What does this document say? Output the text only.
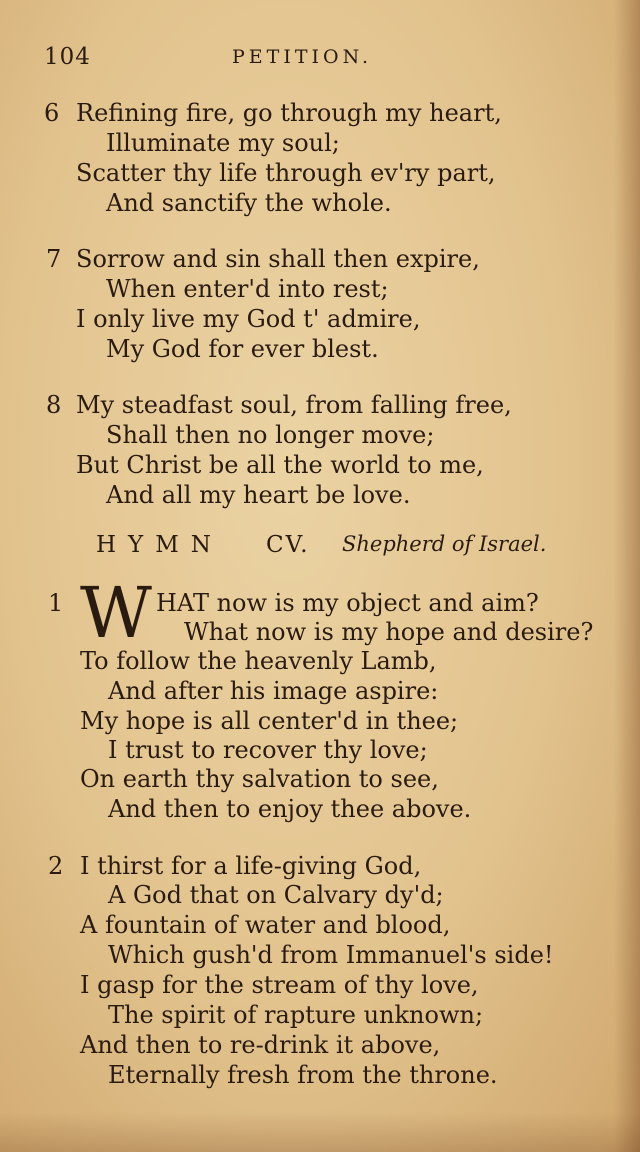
104	PETITION.
6 Refining fire, go through my heart,
Illuminate my soul;
Scatter thy life through ev'ry part,
And sanctify the whole.
7 Sorrow and sin shall then expire,
When enter'd into rest;
I only live my God t' admire,
My God for ever blest.
8 My steadfast soul, from falling free,
Shall then no longer move;
But Christ be all the world to me,
And all my heart be love.
HYMN CV. Shepherd of Israel.
1 W HAT now is my object and aim?
What now is my hope and desire?
To follow the heavenly Lamb,
And after his image aspire:
My hope is all center'd in thee;
I trust to recover thy love;
On earth thy salvation to see,
And then to enjoy thee above.
2 I thirst for a life-giving God,
A God that on Calvary dy'd;
A fountain of water and blood,
Which gush'd from Immanuel's side!
I gasp for the stream of thy love,
The spirit of rapture unknown;
And then to re-drink it above,
Eternally fresh from the throne.
